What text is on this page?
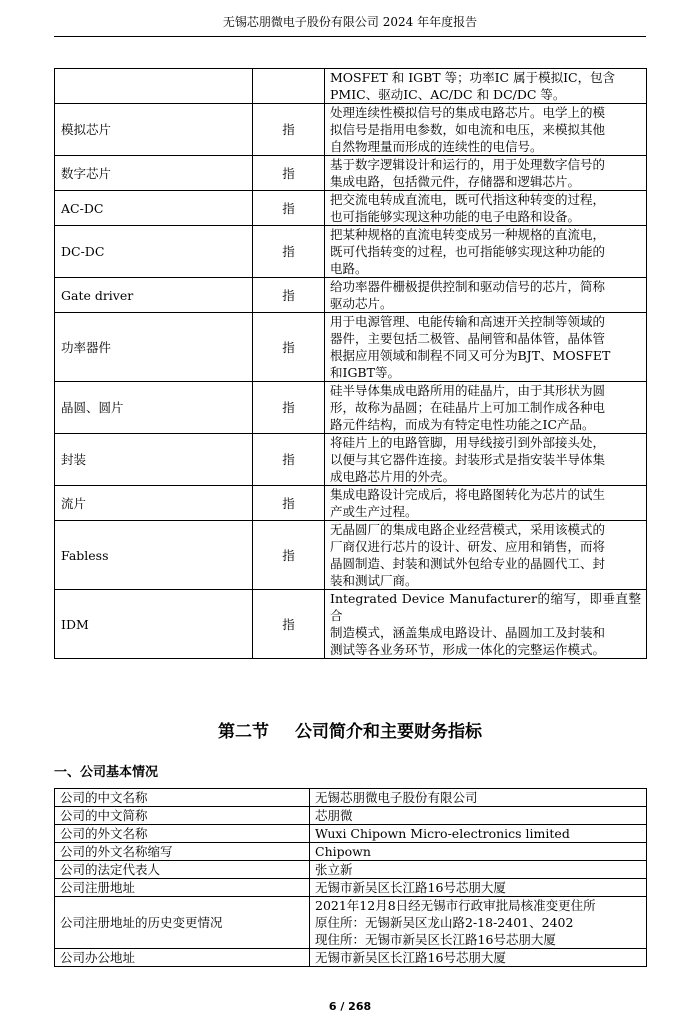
无锡芯朋微电子股份有限公司 2024 年年度报告

		MOSFET 和 IGBT 等；功率IC 属于模拟IC，包含
PMIC、驱动IC、AC/DC 和 DC/DC 等。

模拟芯片	指	处理连续性模拟信号的集成电路芯片。电学上的模
拟信号是指用电参数，如电流和电压，来模拟其他
自然物理量而形成的连续性的电信号。

数字芯片	指	基于数字逻辑设计和运行的，用于处理数字信号的
集成电路，包括微元件，存储器和逻辑芯片。

AC-DC	指	把交流电转成直流电，既可代指这种转变的过程，
也可指能够实现这种功能的电子电路和设备。

DC-DC	指	把某种规格的直流电转变成另一种规格的直流电，
既可代指转变的过程，也可指能够实现这种功能的
电路。

Gate driver	指	给功率器件栅极提供控制和驱动信号的芯片，简称
驱动芯片。

功率器件	指	用于电源管理、电能传输和高速开关控制等领域的
器件，主要包括二极管、晶闸管和晶体管，晶体管
根据应用领域和制程不同又可分为BJT、MOSFET
和IGBT等。

晶圆、圆片	指	硅半导体集成电路所用的硅晶片，由于其形状为圆
形，故称为晶圆；在硅晶片上可加工制作成各种电
路元件结构，而成为有特定电性功能之IC产品。

封装	指	将硅片上的电路管脚，用导线接引到外部接头处，
以便与其它器件连接。封装形式是指安装半导体集
成电路芯片用的外壳。

流片	指	集成电路设计完成后，将电路图转化为芯片的试生
产或生产过程。

Fabless	指	无晶圆厂的集成电路企业经营模式，采用该模式的
厂商仅进行芯片的设计、研发、应用和销售，而将
晶圆制造、封装和测试外包给专业的晶圆代工、封
装和测试厂商。

IDM	指	Integrated Device Manufacturer的缩写，即垂直整合
制造模式，涵盖集成电路设计、晶圆加工及封装和
测试等各业务环节，形成一体化的完整运作模式。
第二节 公司简介和主要财务指标
一、公司基本情况
公司的中文名称	无锡芯朋微电子股份有限公司

公司的中文简称	芯朋微

公司的外文名称	Wuxi Chipown Micro-electronics limited

公司的外文名称缩写	Chipown

公司的法定代表人	张立新

公司注册地址	无锡市新吴区长江路16号芯朋大厦

公司注册地址的历史变更情况	2021年12月8日经无锡市行政审批局核准变更住所
原住所：无锡新吴区龙山路2-18-2401、2402
现住所：无锡市新吴区长江路16号芯朋大厦

公司办公地址	无锡市新吴区长江路16号芯朋大厦
6 / 268
